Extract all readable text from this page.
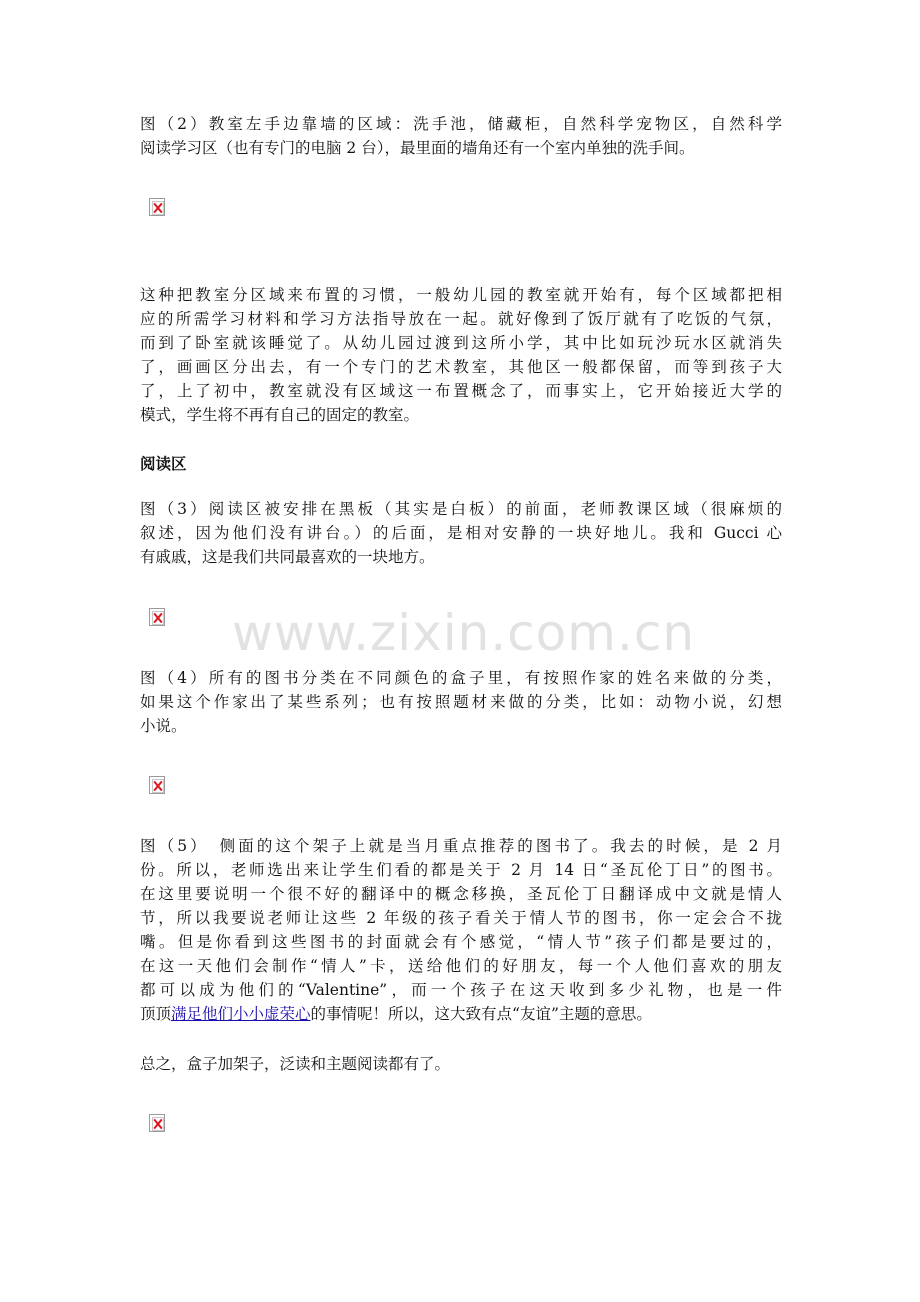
图（2）教室左手边靠墙的区域：洗手池，储藏柜，自然科学宠物区，自然科学
阅读学习区（也有专门的电脑 2 台），最里面的墙角还有一个室内单独的洗手间。
这种把教室分区域来布置的习惯，一般幼儿园的教室就开始有，每个区域都把相
应的所需学习材料和学习方法指导放在一起。就好像到了饭厅就有了吃饭的气氛，
而到了卧室就该睡觉了。从幼儿园过渡到这所小学，其中比如玩沙玩水区就消失
了，画画区分出去，有一个专门的艺术教室，其他区一般都保留，而等到孩子大
了，上了初中，教室就没有区域这一布置概念了，而事实上，它开始接近大学的
模式，学生将不再有自己的固定的教室。
阅读区
图（3）阅读区被安排在黑板（其实是白板）的前面，老师教课区域（很麻烦的
叙述，因为他们没有讲台。）的后面，是相对安静的一块好地儿。我和 Gucci 心
有戚戚，这是我们共同最喜欢的一块地方。
www.zixin.com.cn
图（4）所有的图书分类在不同颜色的盒子里，有按照作家的姓名来做的分类，
如果这个作家出了某些系列；也有按照题材来做的分类，比如：动物小说，幻想
小说。
图（5）　侧面的这个架子上就是当月重点推荐的图书了。我去的时候，是 2 月
份。所以，老师选出来让学生们看的都是关于 2 月 14 日“圣瓦伦丁日”的图书。
在这里要说明一个很不好的翻译中的概念移换，圣瓦伦丁日翻译成中文就是情人
节，所以我要说老师让这些 2 年级的孩子看关于情人节的图书，你一定会合不拢
嘴。但是你看到这些图书的封面就会有个感觉，“情人节”孩子们都是要过的，
在这一天他们会制作“情人”卡，送给他们的好朋友，每一个人他们喜欢的朋友
都可以成为他们的“Valentine”，而一个孩子在这天收到多少礼物，也是一件
顶顶满足他们小小虚荣心的事情呢！所以，这大致有点“友谊”主题的意思。
总之，盒子加架子，泛读和主题阅读都有了。
